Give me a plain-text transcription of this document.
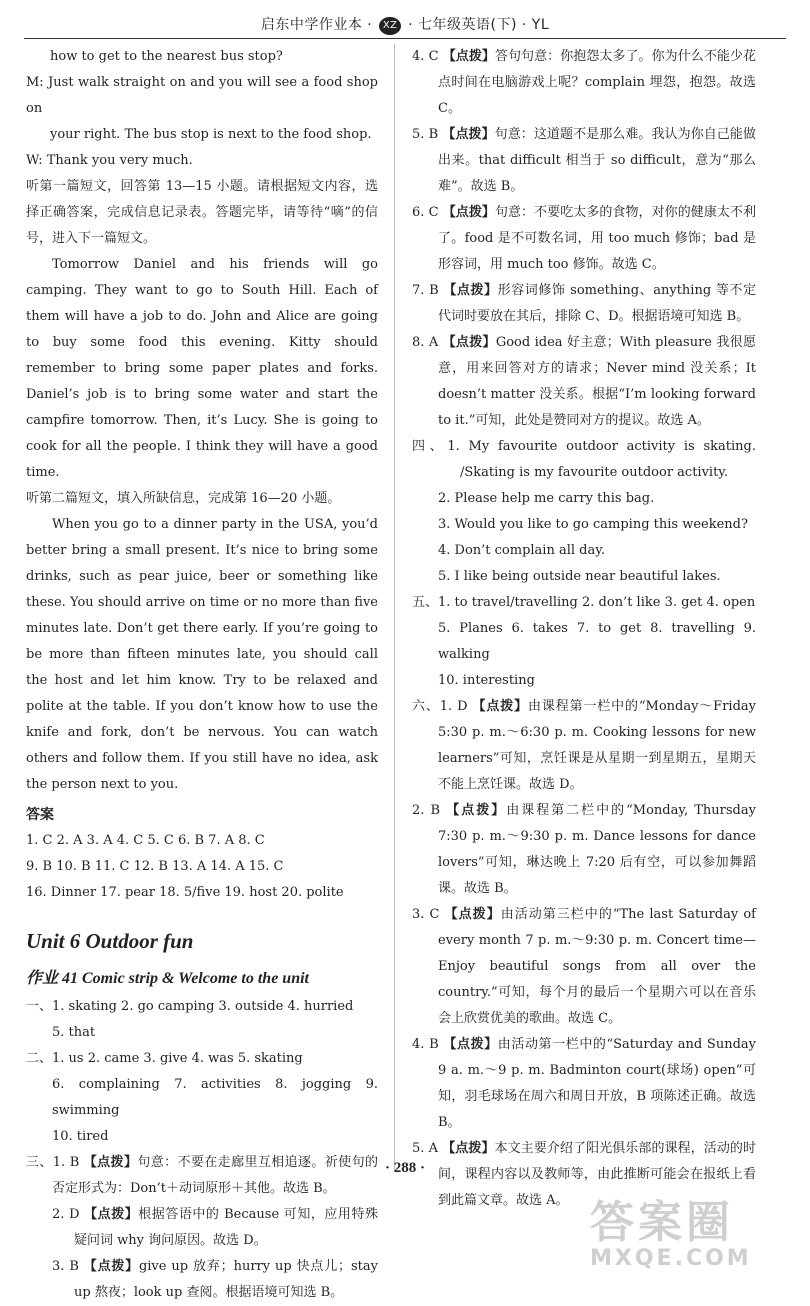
启东中学作业本 · XZ · 七年级英语(下) · YL

how to get to the nearest bus stop?

M: Just walk straight on and you will see a food shop on

your right. The bus stop is next to the food shop.

W: Thank you very much.

听第一篇短文，回答第 13—15 小题。请根据短文内容，选择正确答案，完成信息记录表。答题完毕，请等待“嘀”的信号，进入下一篇短文。

Tomorrow Daniel and his friends will go camping. They want to go to South Hill. Each of them will have a job to do. John and Alice are going to buy some food this evening. Kitty should remember to bring some paper plates and forks. Daniel’s job is to bring some water and start the campfire tomorrow. Then, it’s Lucy. She is going to cook for all the people. I think they will have a good time.

听第二篇短文，填入所缺信息，完成第 16—20 小题。

When you go to a dinner party in the USA, you’d better bring a small present. It’s nice to bring some drinks, such as pear juice, beer or something like these. You should arrive on time or no more than five minutes late. Don’t get there early. If you’re going to be more than fifteen minutes late, you should call the host and let him know. Try to be relaxed and polite at the table. If you don’t know how to use the knife and fork, don’t be nervous. You can watch others and follow them. If you still have no idea, ask the person next to you.

答案

1. C 2. A 3. A 4. C 5. C 6. B 7. A 8. C

9. B 10. B 11. C 12. B 13. A 14. A 15. C

16. Dinner 17. pear 18. 5/five 19. host 20. polite

Unit 6 Outdoor fun
作业 41 Comic strip & Welcome to the unit

一、1. skating 2. go camping 3. outside 4. hurried

5. that

二、1. us 2. came 3. give 4. was 5. skating

6. complaining 7. activities 8. jogging 9. swimming

10. tired

三、1. B 【点拨】句意：不要在走廊里互相追逐。祈使句的否定形式为：Don’t＋动词原形＋其他。故选 B。

2. D 【点拨】根据答语中的 Because 可知，应用特殊疑问词 why 询问原因。故选 D。

3. B 【点拨】give up 放弃；hurry up 快点儿；stay up 熬夜；look up 查阅。根据语境可知选 B。

4. C 【点拨】答句句意：你抱怨太多了。你为什么不能少花点时间在电脑游戏上呢？complain 埋怨，抱怨。故选 C。

5. B 【点拨】句意：这道题不是那么难。我认为你自己能做出来。that difficult 相当于 so difficult，意为“那么难”。故选 B。

6. C 【点拨】句意：不要吃太多的食物，对你的健康太不利了。food 是不可数名词，用 too much 修饰；bad 是形容词，用 much too 修饰。故选 C。

7. B 【点拨】形容词修饰 something、anything 等不定代词时要放在其后，排除 C、D。根据语境可知选 B。

8. A 【点拨】Good idea 好主意；With pleasure 我很愿意，用来回答对方的请求；Never mind 没关系；It doesn’t matter 没关系。根据“I’m looking forward to it.”可知，此处是赞同对方的提议。故选 A。

四、1. My favourite outdoor activity is skating. /Skating is my favourite outdoor activity.

2. Please help me carry this bag.

3. Would you like to go camping this weekend?

4. Don’t complain all day.

5. I like being outside near beautiful lakes.

五、1. to travel/travelling 2. don’t like 3. get 4. open

5. Planes 6. takes 7. to get 8. travelling 9. walking

10. interesting

六、1. D 【点拨】由课程第一栏中的“Monday～Friday 5:30 p. m.～6:30 p. m. Cooking lessons for new learners”可知，烹饪课是从星期一到星期五，星期天不能上烹饪课。故选 D。

2. B 【点拨】由课程第二栏中的“Monday, Thursday 7:30 p. m.～9:30 p. m. Dance lessons for dance lovers”可知，琳达晚上 7:20 后有空，可以参加舞蹈课。故选 B。

3. C 【点拨】由活动第三栏中的“The last Saturday of every month 7 p. m.～9:30 p. m. Concert time—Enjoy beautiful songs from all over the country.”可知，每个月的最后一个星期六可以在音乐会上欣赏优美的歌曲。故选 C。

4. B 【点拨】由活动第一栏中的“Saturday and Sunday 9 a. m.～9 p. m. Badminton court(球场) open”可知，羽毛球场在周六和周日开放，B 项陈述正确。故选 B。

5. A 【点拨】本文主要介绍了阳光俱乐部的课程，活动的时间，课程内容以及教师等，由此推断可能会在报纸上看到此篇文章。故选 A。

· 288 ·
答案圈
MXQE.COM
